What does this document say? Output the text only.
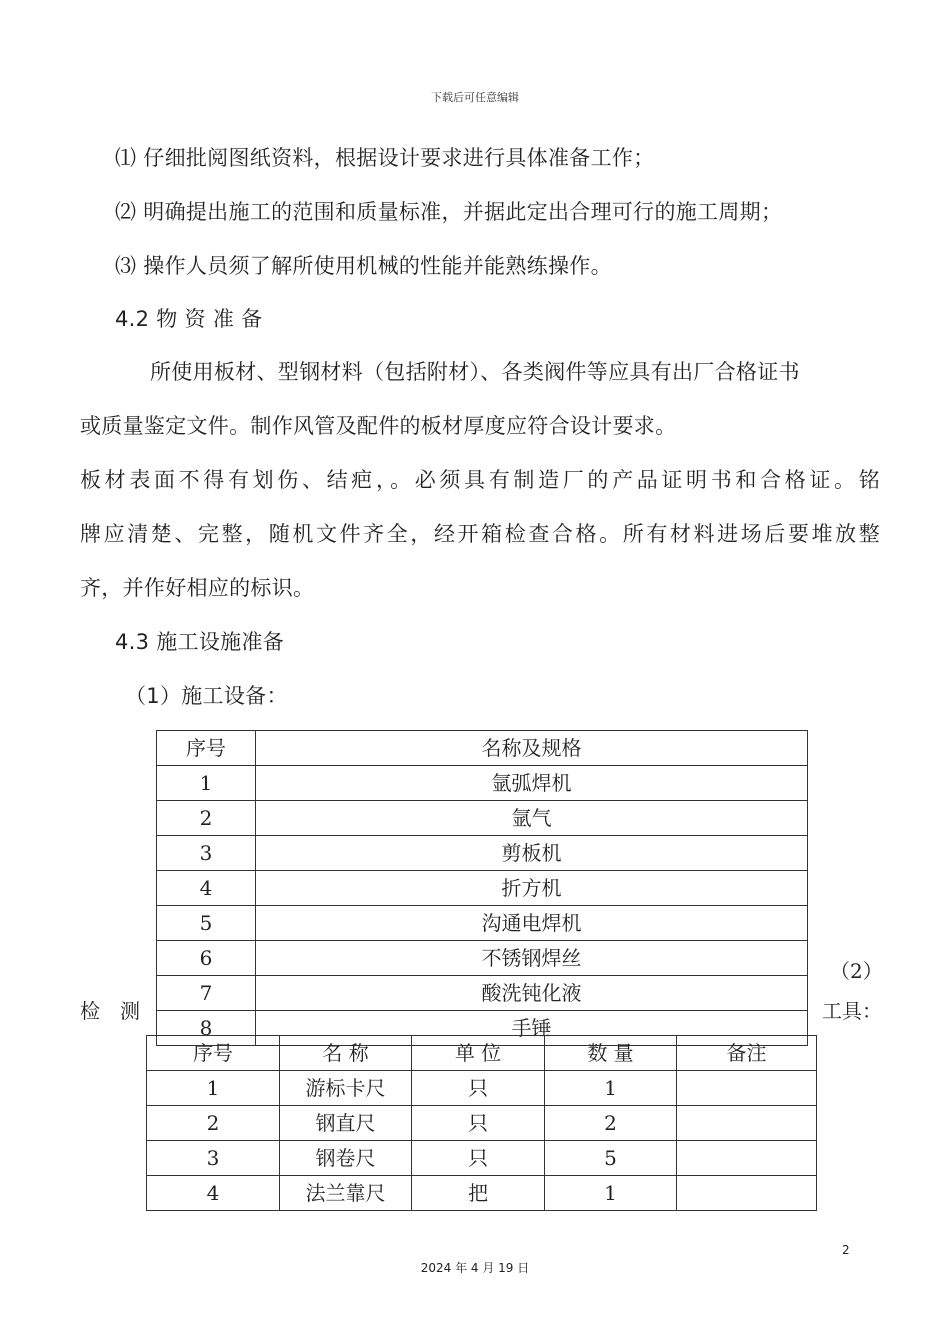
下载后可任意编辑
⑴ 仔细批阅图纸资料，根据设计要求进行具体准备工作；
⑵ 明确提出施工的范围和质量标准，并据此定出合理可行的施工周期；
⑶ 操作人员须了解所使用机械的性能并能熟练操作。
4.2 物 资 准 备
所使用板材、型钢材料（包括附材）、各类阀件等应具有出厂合格证书
或质量鉴定文件。制作风管及配件的板材厚度应符合设计要求。
板材表面不得有划伤、结疤，。必须具有制造厂的产品证明书和合格证。铭
牌应清楚、完整，随机文件齐全，经开箱检查合格。所有材料进场后要堆放整
齐，并作好相应的标识。
4.3 施工设施准备
（1）施工设备：
序号	名称及规格
1	氩弧焊机
2	氩气
3	剪板机
4	折方机
5	沟通电焊机
6	不锈钢焊丝
7	酸洗钝化液
8	手锤
（2）
检　测	工具：
序号	名 称	单 位	数 量	备注
1	游标卡尺	只	1	
2	钢直尺	只	2	
3	钢卷尺	只	5	
4	法兰靠尺	把	1	
2
2024 年 4 月 19 日
